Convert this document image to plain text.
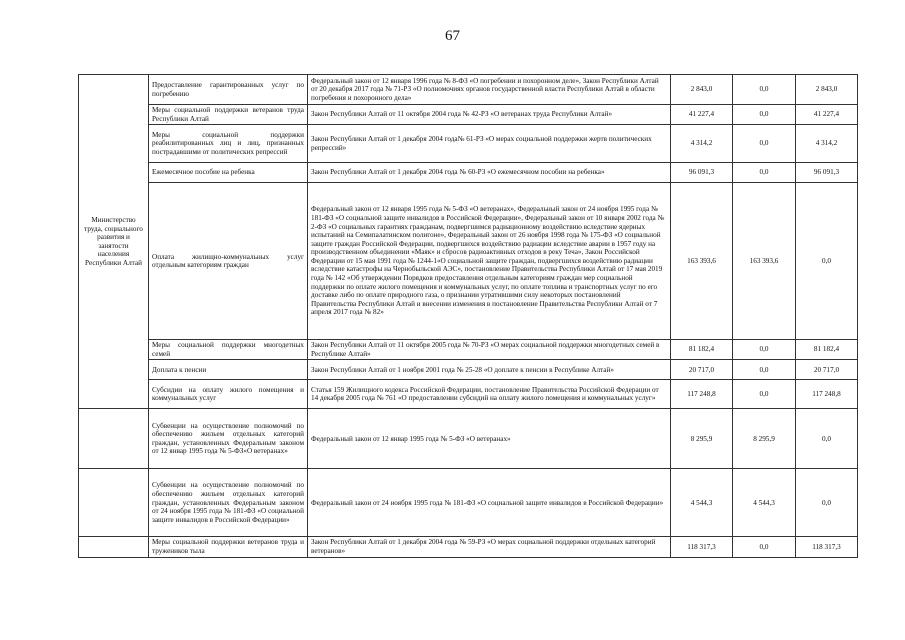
67
Министерство труда, социального развития и занятости населения Республики Алтай	Предоставление гарантированных услуг по погребению	Федеральный закон от 12 января 1996 года № 8-ФЗ «О погребении и похоронном деле», Закон Республики Алтай от 20 декабря 2017 года № 71-РЗ «О полномочиях органов государственной власти Республики Алтай в области погребения и похоронного дела»	2 843,0	0,0	2 843,0
	Меры социальной поддержки ветеранов труда Республики Алтай	Закон Республики Алтай от 11 октября 2004 года № 42-РЗ «О ветеранах труда Республики Алтай»	41 227,4	0,0	41 227,4
	Меры социальной поддержки реабилитированных лиц и лиц, признанных пострадавшими от политических репрессий	Закон Республики Алтай от 1 декабря 2004 года№ 61-РЗ «О мерах социальной поддержки жертв политических репрессий»	4 314,2	0,0	4 314,2
	Ежемесячное пособие на ребенка	Закон Республики Алтай от 1 декабря 2004 года № 60-РЗ «О ежемесячном пособии на ребенка»	96 091,3	0,0	96 091,3
	Оплата жилищно-коммунальных услуг отдельным категориям граждан	Федеральный закон от 12 января 1995 года № 5-ФЗ «О ветеранах», Федеральный закон от 24 ноября 1995 года № 181-ФЗ «О социальной защите инвалидов в Российской Федерации», Федеральный закон от 10 января 2002 года № 2-ФЗ «О социальных гарантиях гражданам, подвергшимся радиационному воздействию вследствие ядерных испытаний на Семипалатинском полигоне», Федеральный закон от 26 ноября 1998 года № 175-ФЗ «О социальной защите граждан Российской Федерации, подвергшихся воздействию радиации вследствие аварии в 1957 году на производственном объединении «Маяк» и сбросов радиоактивных отходов в реку Теча», Закон Российской Федерации от 15 мая 1991 года № 1244-1«О социальной защите граждан, подвергшихся воздействию радиации вследствие катастрофы на Чернобыльской АЭС», постановление Правительства Республики Алтай от 17 мая 2019 года № 142 «Об утверждении Порядков предоставления отдельным категориям граждан мер социальной поддержки по оплате жилого помещения и коммунальных услуг, по оплате топлива и транспортных услуг по его доставке либо по оплате природного газа, о признании утратившими силу некоторых постановлений Правительства Республики Алтай и внесении изменения в постановление Правительства Республики Алтай от 7 апреля 2017 года № 82»	163 393,6	163 393,6	0,0
	Меры социальной поддержки многодетных семей	Закон Республики Алтай от 11 октября 2005 года № 70-РЗ «О мерах социальной поддержки многодетных семей в Республике Алтай»	81 182,4	0,0	81 182,4
	Доплата к пенсии	Закон Республики Алтай от 1 ноября 2001 года № 25-28 «О доплате к пенсии в Республике Алтай»	20 717,0	0,0	20 717,0
	Субсидии на оплату жилого помещения и коммунальных услуг	Статья 159 Жилищного кодекса Российской Федерации, постановление Правительства Российской Федерации от 14 декабря 2005 года № 761 «О предоставлении субсидий на оплату жилого помещения и коммунальных услуг»	117 248,8	0,0	117 248,8
	Субвенции на осуществление полномочий по обеспечению жильем отдельных категорий граждан, установленных Федеральным законом от 12 январ 1995 года № 5-ФЗ«О ветеранах»	Федеральный закон от 12 январ 1995 года № 5-ФЗ «О ветеранах»	8 295,9	8 295,9	0,0
	Субвенции на осуществление полномочий по обеспечению жильем отдельных категорий граждан, установленных Федеральным законом от 24 ноября 1995 года № 181-ФЗ «О социальной защите инвалидов в Российской Федерации»	Федеральный закон от 24 ноября 1995 года № 181-ФЗ «О социальной защите инвалидов в Российской Федерации»	4 544,3	4 544,3	0,0
	Меры социальной поддержки ветеранов труда и тружеников тыла	Закон Республики Алтай от 1 декабря 2004 года № 59-РЗ «О мерах социальной поддержки отдельных категорий ветеранов»	118 317,3	0,0	118 317,3
